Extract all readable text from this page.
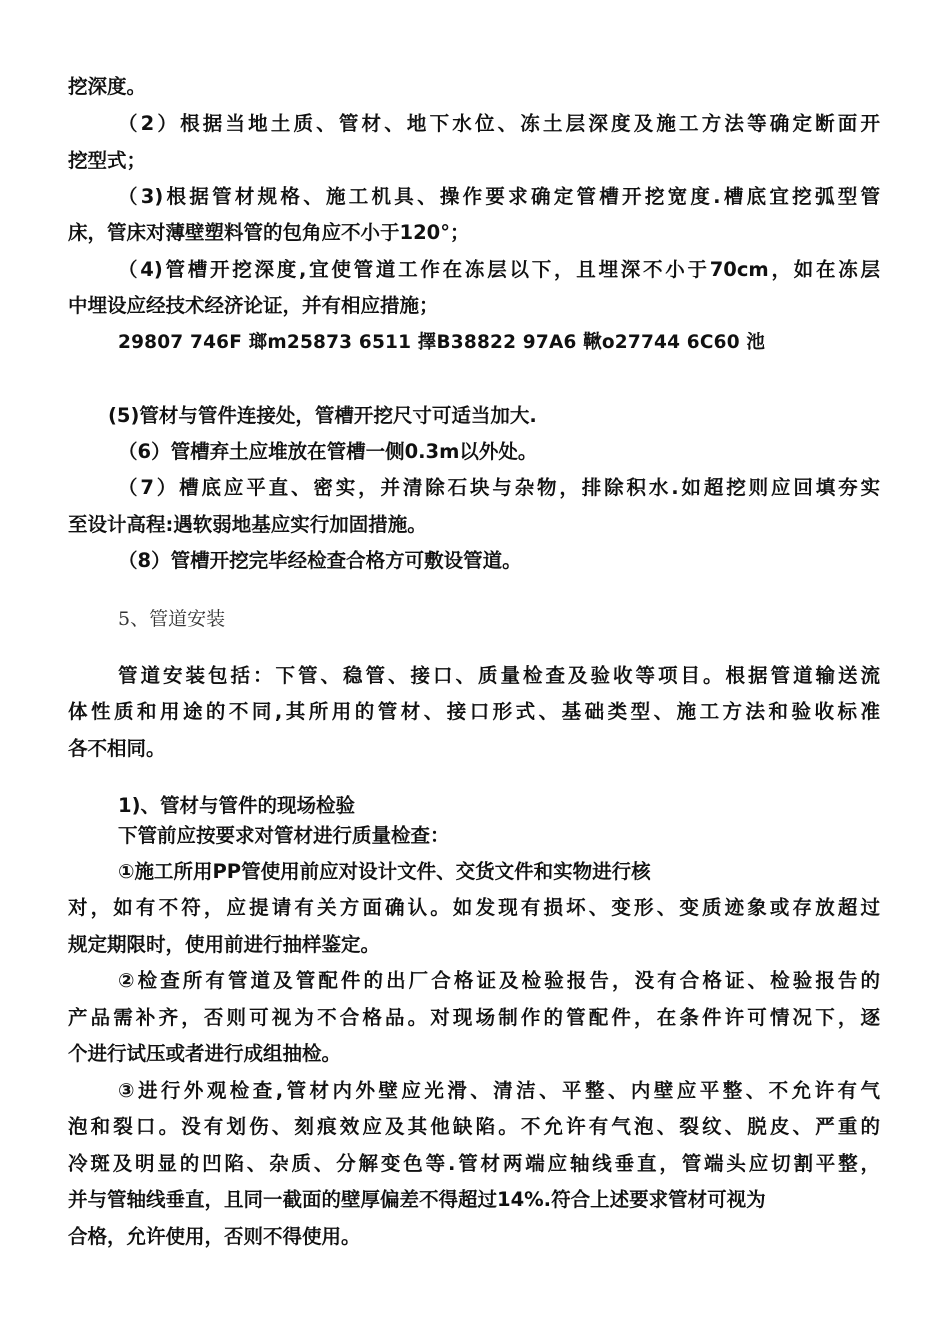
挖深度。
（2）根据当地土质、管材、地下水位、冻土层深度及施工方法等确定断面开
挖型式；
（3)根据管材规格、施工机具、操作要求确定管槽开挖宽度.槽底宜挖弧型管
床，管床对薄壁塑料管的包角应不小于120°；
（4)管槽开挖深度,宜使管道工作在冻层以下，且埋深不小于70cm，如在冻层
中埋设应经技术经济论证，并有相应措施；
29807 746F 瑯m25873 6511 擇B38822 97A6 鞦o27744 6C60 池
(5)管材与管件连接处，管槽开挖尺寸可适当加大.
（6）管槽弃土应堆放在管槽一侧0.3m以外处。
（7）槽底应平直、密实，并清除石块与杂物，排除积水.如超挖则应回填夯实
至设计高程:遇软弱地基应实行加固措施。
（8）管槽开挖完毕经检查合格方可敷设管道。
5、管道安装
管道安装包括：下管、稳管、接口、质量检查及验收等项目。根据管道输送流
体性质和用途的不同,其所用的管材、接口形式、基础类型、施工方法和验收标准
各不相同。
1)、管材与管件的现场检验
下管前应按要求对管材进行质量检查：
①施工所用PP管使用前应对设计文件、交货文件和实物进行核
对，如有不符，应提请有关方面确认。如发现有损坏、变形、变质迹象或存放超过
规定期限时，使用前进行抽样鉴定。
②检查所有管道及管配件的出厂合格证及检验报告，没有合格证、检验报告的
产品需补齐，否则可视为不合格品。对现场制作的管配件，在条件许可情况下，逐
个进行试压或者进行成组抽检。
③进行外观检查,管材内外壁应光滑、清洁、平整、内壁应平整、不允许有气
泡和裂口。没有划伤、刻痕效应及其他缺陷。不允许有气泡、裂纹、脱皮、严重的
冷斑及明显的凹陷、杂质、分解变色等.管材两端应轴线垂直，管端头应切割平整，
并与管轴线垂直，且同一截面的壁厚偏差不得超过14%.符合上述要求管材可视为
合格，允许使用，否则不得使用。
